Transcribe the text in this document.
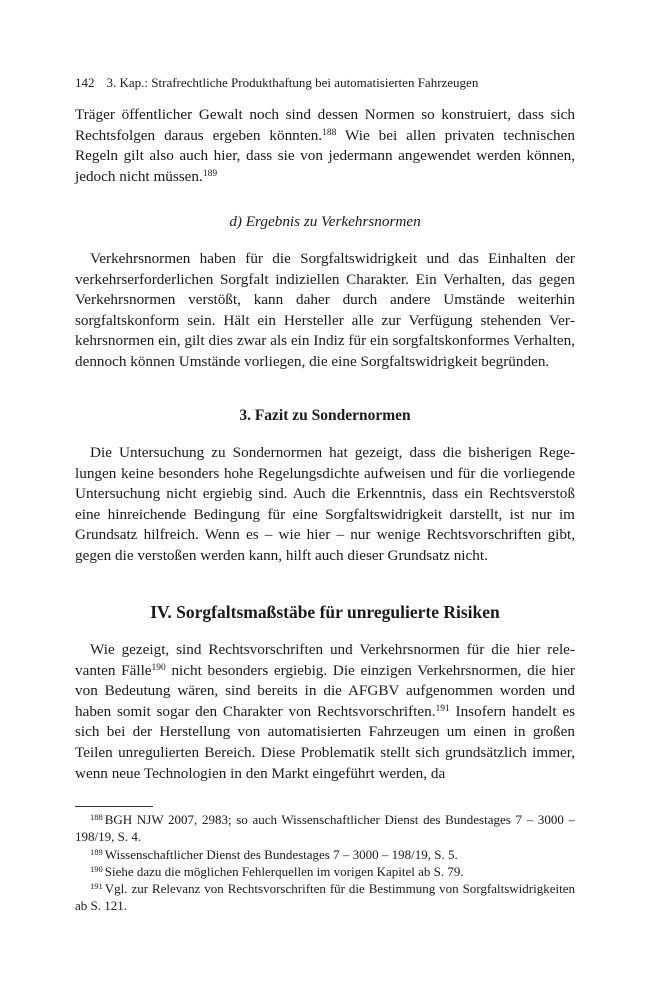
142 3. Kap.: Strafrechtliche Produkthaftung bei automatisierten Fahrzeugen

Träger öffentlicher Gewalt noch sind dessen Normen so konstruiert, dass sich Rechtsfolgen daraus ergeben könnten.$^{188}$ Wie bei allen privaten technischen Regeln gilt also auch hier, dass sie von jedermann angewendet werden können, jedoch nicht müssen.$^{189}$

d) Ergebnis zu Verkehrsnormen

Verkehrsnormen haben für die Sorgfaltswidrigkeit und das Einhalten der verkehrserforderlichen Sorgfalt indiziellen Charakter. Ein Verhalten, das gegen Verkehrsnormen verstößt, kann daher durch andere Umstände weiterhin sorgfaltskonform sein. Hält ein Hersteller alle zur Verfügung stehenden Verkehrsnormen ein, gilt dies zwar als ein Indiz für ein sorgfaltskonformes Verhalten, dennoch können Umstände vorliegen, die eine Sorgfaltswidrigkeit begründen.

3. Fazit zu Sondernormen

Die Untersuchung zu Sondernormen hat gezeigt, dass die bisherigen Regelungen keine besonders hohe Regelungsdichte aufweisen und für die vorliegende Untersuchung nicht ergiebig sind. Auch die Erkenntnis, dass ein Rechtsverstoß eine hinreichende Bedingung für eine Sorgfaltswidrigkeit darstellt, ist nur im Grundsatz hilfreich. Wenn es – wie hier – nur wenige Rechtsvorschriften gibt, gegen die verstoßen werden kann, hilft auch dieser Grundsatz nicht.

IV. Sorgfaltsmaßstäbe für unregulierte Risiken

Wie gezeigt, sind Rechtsvorschriften und Verkehrsnormen für die hier relevanten Fälle$^{190}$ nicht besonders ergiebig. Die einzigen Verkehrsnormen, die hier von Bedeutung wären, sind bereits in die AFGBV aufgenommen worden und haben somit sogar den Charakter von Rechtsvorschriften.$^{191}$ Insofern handelt es sich bei der Herstellung von automatisierten Fahrzeugen um einen in großen Teilen unregulierten Bereich. Diese Problematik stellt sich grundsätzlich immer, wenn neue Technologien in den Markt eingeführt werden, da

$^{188}$ BGH NJW 2007, 2983; so auch Wissenschaftlicher Dienst des Bundestages 7 – 3000 – 198/19, S. 4.

$^{189}$ Wissenschaftlicher Dienst des Bundestages 7 – 3000 – 198/19, S. 5.

$^{190}$ Siehe dazu die möglichen Fehlerquellen im vorigen Kapitel ab S. 79.

$^{191}$ Vgl. zur Relevanz von Rechtsvorschriften für die Bestimmung von Sorgfaltswidrigkeiten ab S. 121.
